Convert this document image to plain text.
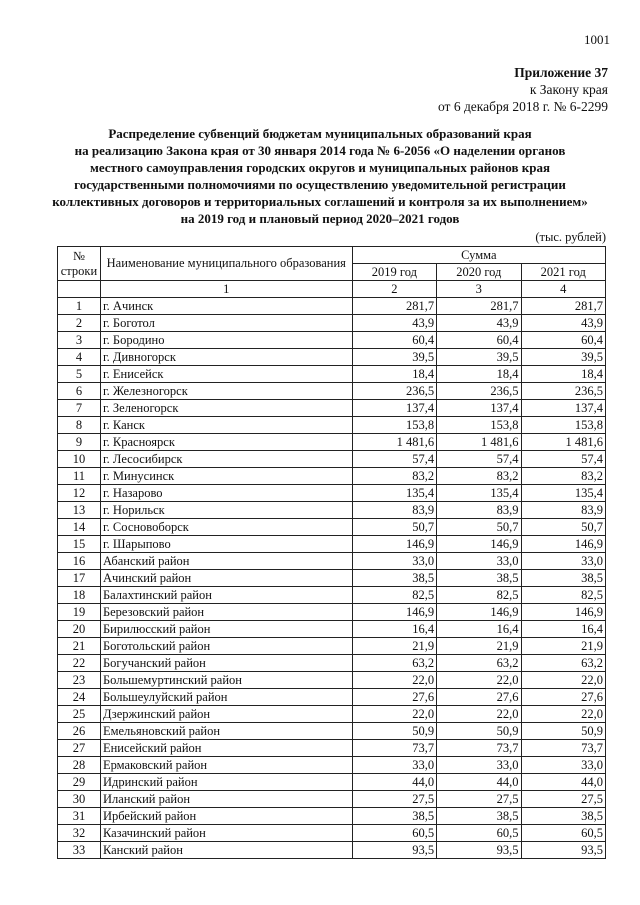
1001
Приложение 37
к Закону края
от 6 декабря 2018 г. № 6-2299
Распределение субвенций бюджетам муниципальных образований края
на реализацию Закона края от 30 января 2014 года № 6-2056 «О наделении органов
местного самоуправления городских округов и муниципальных районов края
государственными полномочиями по осуществлению уведомительной регистрации
коллективных договоров и территориальных соглашений и контроля за их выполнением»
на 2019 год и плановый период 2020–2021 годов
(тыс. рублей)
№
строки	Наименование муниципального образования	Сумма		
		2019 год	2020 год	2021 год
	1	2	3	4
1	г. Ачинск	281,7	281,7	281,7
2	г. Боготол	43,9	43,9	43,9
3	г. Бородино	60,4	60,4	60,4
4	г. Дивногорск	39,5	39,5	39,5
5	г. Енисейск	18,4	18,4	18,4
6	г. Железногорск	236,5	236,5	236,5
7	г. Зеленогорск	137,4	137,4	137,4
8	г. Канск	153,8	153,8	153,8
9	г. Красноярск	1 481,6	1 481,6	1 481,6
10	г. Лесосибирск	57,4	57,4	57,4
11	г. Минусинск	83,2	83,2	83,2
12	г. Назарово	135,4	135,4	135,4
13	г. Норильск	83,9	83,9	83,9
14	г. Сосновоборск	50,7	50,7	50,7
15	г. Шарыпово	146,9	146,9	146,9
16	Абанский район	33,0	33,0	33,0
17	Ачинский район	38,5	38,5	38,5
18	Балахтинский район	82,5	82,5	82,5
19	Березовский район	146,9	146,9	146,9
20	Бирилюсский район	16,4	16,4	16,4
21	Боготольский район	21,9	21,9	21,9
22	Богучанский район	63,2	63,2	63,2
23	Большемуртинский район	22,0	22,0	22,0
24	Большеулуйский район	27,6	27,6	27,6
25	Дзержинский район	22,0	22,0	22,0
26	Емельяновский район	50,9	50,9	50,9
27	Енисейский район	73,7	73,7	73,7
28	Ермаковский район	33,0	33,0	33,0
29	Идринский район	44,0	44,0	44,0
30	Иланский район	27,5	27,5	27,5
31	Ирбейский район	38,5	38,5	38,5
32	Казачинский район	60,5	60,5	60,5
33	Канский район	93,5	93,5	93,5
